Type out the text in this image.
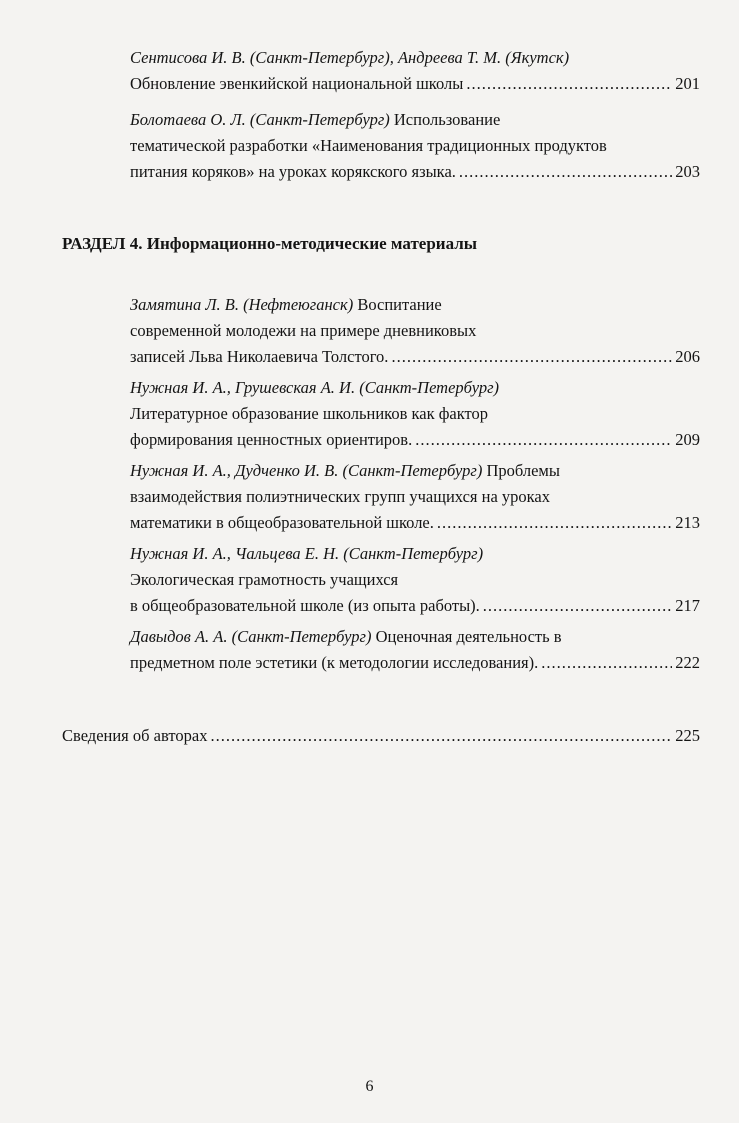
Сентисова И. В. (Санкт-Петербург), Андреева Т. М. (Якутск)
Обновление эвенкийской национальной школы .....	201
Болотаева О. Л. (Санкт-Петербург) Использование
тематической разработки «Наименования традиционных продуктов
питания коряков» на уроках корякского языка. .....	203
РАЗДЕЛ 4. Информационно-методические материалы
Замятина Л. В. (Нефтеюганск) Воспитание
современной молодежи на примере дневниковых
записей Льва Николаевича Толстого. .....	206
Нужная И. А., Грушевская А. И. (Санкт-Петербург)
Литературное образование школьников как фактор
формирования ценностных ориентиров. .....	209
Нужная И. А., Дудченко И. В. (Санкт-Петербург) Проблемы
взаимодействия полиэтнических групп учащихся на уроках
математики в общеобразовательной школе. .....	213
Нужная И. А., Чальцева Е. Н. (Санкт-Петербург)
Экологическая грамотность учащихся
в общеобразовательной школе (из опыта работы). .....	217
Давыдов А. А. (Санкт-Петербург) Оценочная деятельность в
предметном поле эстетики (к методологии исследования). .....	222
Сведения об авторах .....	225
6
